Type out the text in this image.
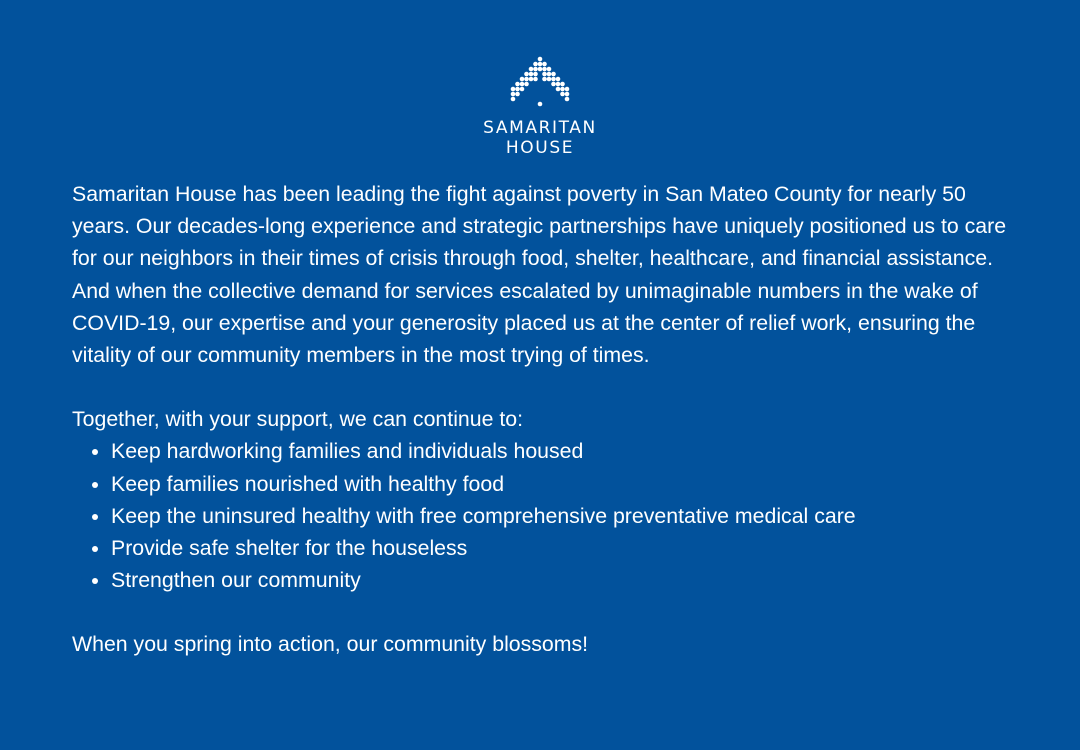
SAMARITAN
HOUSE

Samaritan House has been leading the fight against poverty in San Mateo County for nearly 50 years. Our decades-long experience and strategic partnerships have uniquely positioned us to care for our neighbors in their times of crisis through food, shelter, healthcare, and financial assistance. And when the collective demand for services escalated by unimaginable numbers in the wake of COVID-19, our expertise and your generosity placed us at the center of relief work, ensuring the vitality of our community members in the most trying of times.

Together, with your support, we can continue to:

• Keep hardworking families and individuals housed
• Keep families nourished with healthy food
• Keep the uninsured healthy with free comprehensive preventative medical care
• Provide safe shelter for the houseless
• Strengthen our community

When you spring into action, our community blossoms!
